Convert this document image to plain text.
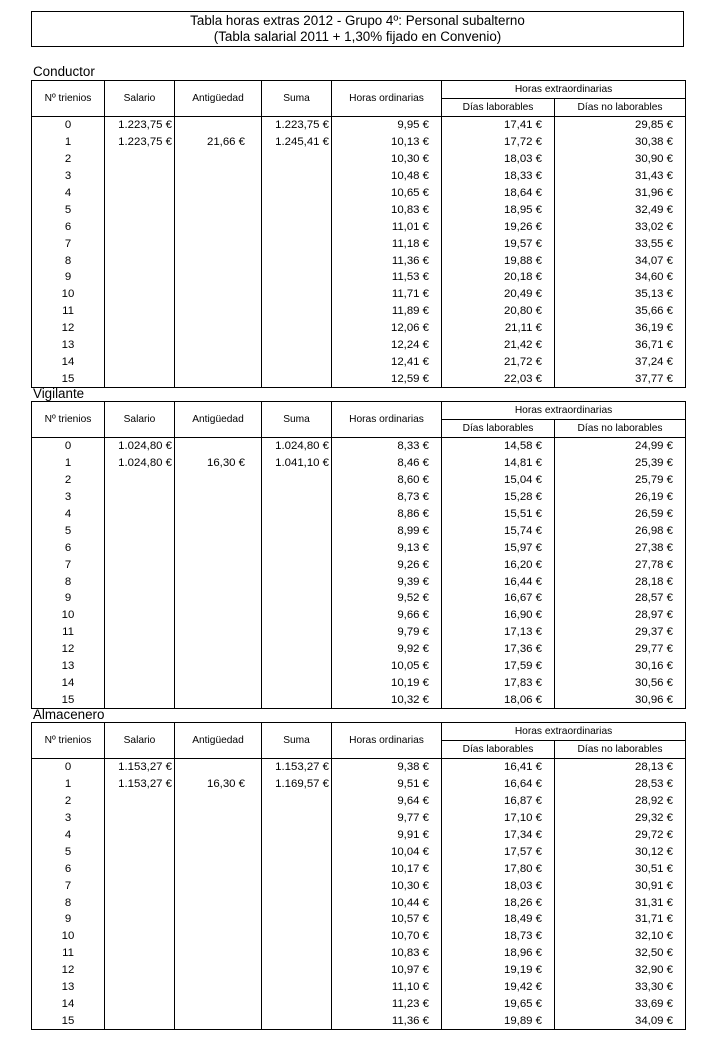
Tabla horas extras 2012 - Grupo 4º: Personal subalterno
(Tabla salarial 2011 + 1,30% fijado en Convenio)
Conductor
Nº trienios	Salario	Antigüedad	Suma	Horas ordinarias	Horas extraordinarias	
					Días laborables	Días no laborables
0	1.223,75 €		1.223,75 €	9,95 €	17,41 €	29,85 €
1	1.223,75 €	21,66 €	1.245,41 €	10,13 €	17,72 €	30,38 €
2				10,30 €	18,03 €	30,90 €
3				10,48 €	18,33 €	31,43 €
4				10,65 €	18,64 €	31,96 €
5				10,83 €	18,95 €	32,49 €
6				11,01 €	19,26 €	33,02 €
7				11,18 €	19,57 €	33,55 €
8				11,36 €	19,88 €	34,07 €
9				11,53 €	20,18 €	34,60 €
10				11,71 €	20,49 €	35,13 €
11				11,89 €	20,80 €	35,66 €
12				12,06 €	21,11 €	36,19 €
13				12,24 €	21,42 €	36,71 €
14				12,41 €	21,72 €	37,24 €
15				12,59 €	22,03 €	37,77 €
Vigilante
Nº trienios	Salario	Antigüedad	Suma	Horas ordinarias	Horas extraordinarias	
					Días laborables	Días no laborables
0	1.024,80 €		1.024,80 €	8,33 €	14,58 €	24,99 €
1	1.024,80 €	16,30 €	1.041,10 €	8,46 €	14,81 €	25,39 €
2				8,60 €	15,04 €	25,79 €
3				8,73 €	15,28 €	26,19 €
4				8,86 €	15,51 €	26,59 €
5				8,99 €	15,74 €	26,98 €
6				9,13 €	15,97 €	27,38 €
7				9,26 €	16,20 €	27,78 €
8				9,39 €	16,44 €	28,18 €
9				9,52 €	16,67 €	28,57 €
10				9,66 €	16,90 €	28,97 €
11				9,79 €	17,13 €	29,37 €
12				9,92 €	17,36 €	29,77 €
13				10,05 €	17,59 €	30,16 €
14				10,19 €	17,83 €	30,56 €
15				10,32 €	18,06 €	30,96 €
Almacenero
Nº trienios	Salario	Antigüedad	Suma	Horas ordinarias	Horas extraordinarias	
					Días laborables	Días no laborables
0	1.153,27 €		1.153,27 €	9,38 €	16,41 €	28,13 €
1	1.153,27 €	16,30 €	1.169,57 €	9,51 €	16,64 €	28,53 €
2				9,64 €	16,87 €	28,92 €
3				9,77 €	17,10 €	29,32 €
4				9,91 €	17,34 €	29,72 €
5				10,04 €	17,57 €	30,12 €
6				10,17 €	17,80 €	30,51 €
7				10,30 €	18,03 €	30,91 €
8				10,44 €	18,26 €	31,31 €
9				10,57 €	18,49 €	31,71 €
10				10,70 €	18,73 €	32,10 €
11				10,83 €	18,96 €	32,50 €
12				10,97 €	19,19 €	32,90 €
13				11,10 €	19,42 €	33,30 €
14				11,23 €	19,65 €	33,69 €
15				11,36 €	19,89 €	34,09 €
